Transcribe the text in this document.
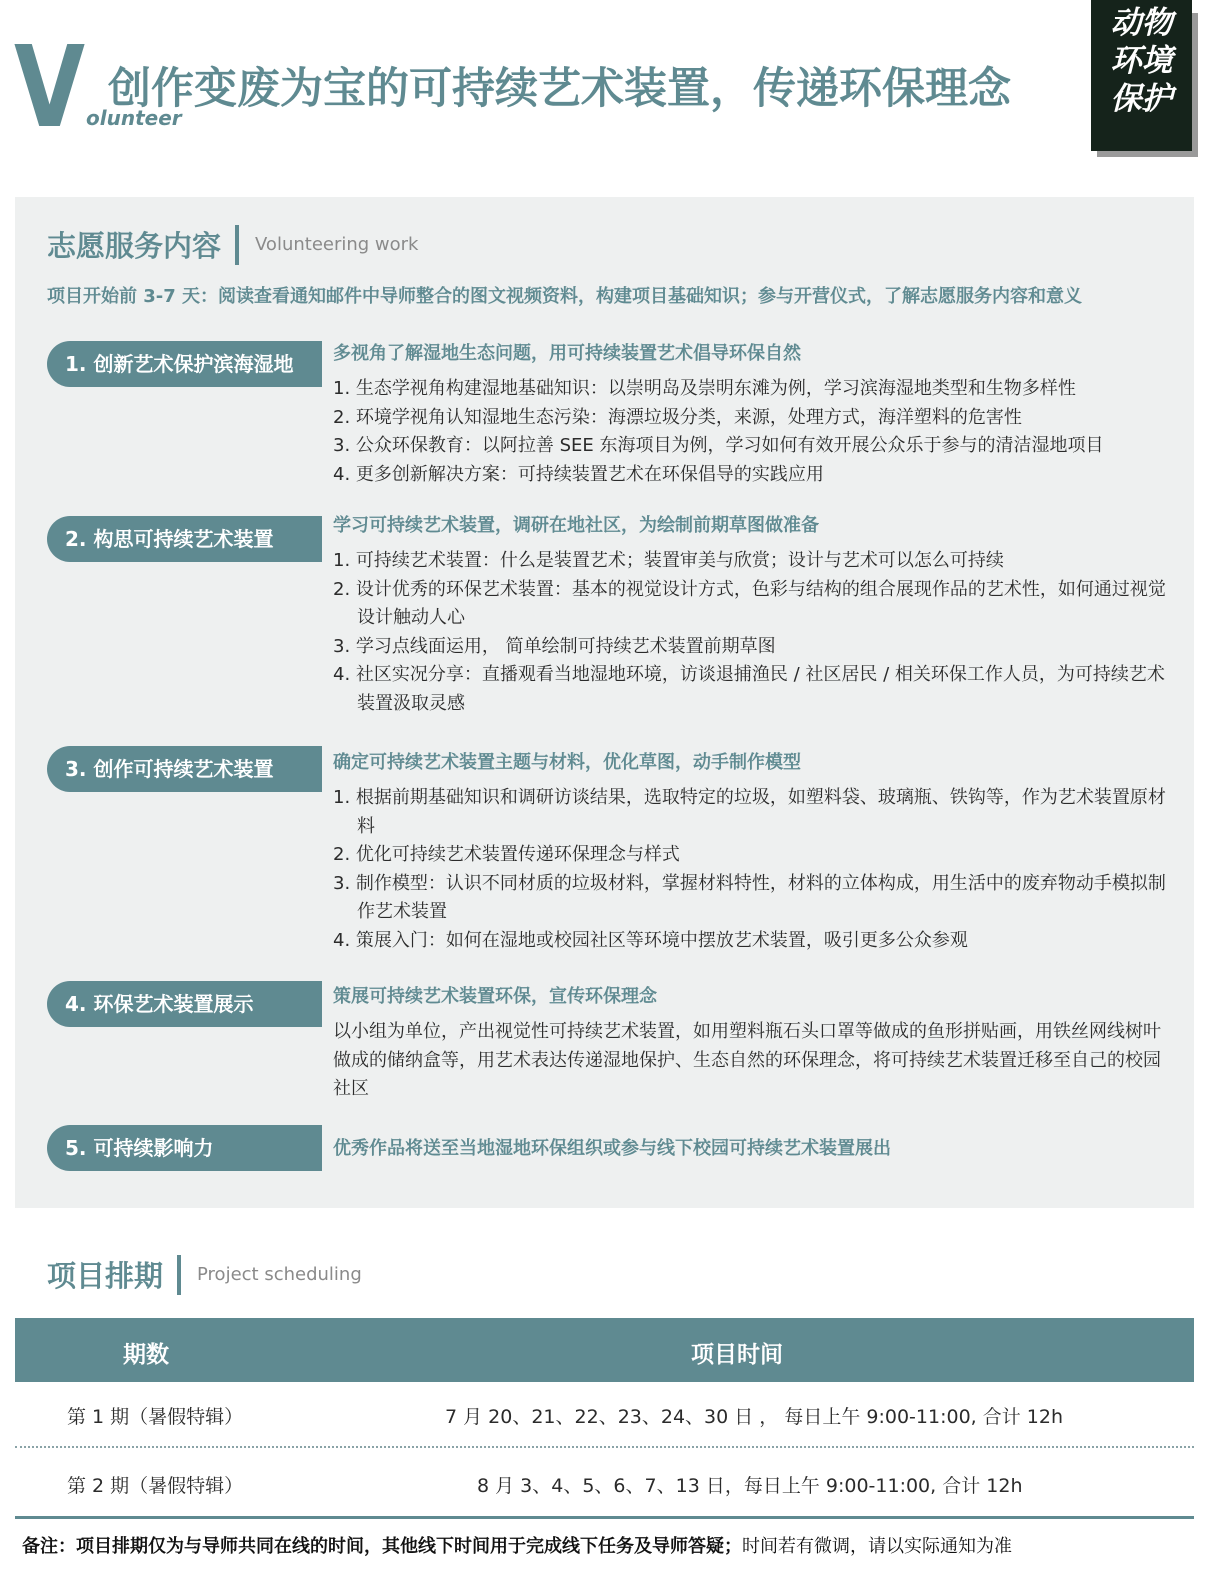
V olunteer
创作变废为宝的可持续艺术装置，传递环保理念
动物
环境
保护
志愿服务内容 Volunteering work
项目开始前 3-7 天：阅读查看通知邮件中导师整合的图文视频资料，构建项目基础知识；参与开营仪式，了解志愿服务内容和意义
1. 创新艺术保护滨海湿地	多视角了解湿地生态问题，用可持续装置艺术倡导环保自然
1. 生态学视角构建湿地基础知识：以崇明岛及崇明东滩为例，学习滨海湿地类型和生物多样性
2. 环境学视角认知湿地生态污染：海漂垃圾分类，来源，处理方式，海洋塑料的危害性
3. 公众环保教育：以阿拉善 SEE 东海项目为例，学习如何有效开展公众乐于参与的清洁湿地项目
4. 更多创新解决方案：可持续装置艺术在环保倡导的实践应用
2. 构思可持续艺术装置
学习可持续艺术装置，调研在地社区，为绘制前期草图做准备
1. 可持续艺术装置：什么是装置艺术；装置审美与欣赏；设计与艺术可以怎么可持续
2. 设计优秀的环保艺术装置：基本的视觉设计方式，色彩与结构的组合展现作品的艺术性，如何通过视觉设计触动人心
3. 学习点线面运用， 简单绘制可持续艺术装置前期草图
4. 社区实况分享：直播观看当地湿地环境，访谈退捕渔民 / 社区居民 / 相关环保工作人员，为可持续艺术装置汲取灵感
3. 创作可持续艺术装置	确定可持续艺术装置主题与材料，优化草图，动手制作模型
1. 根据前期基础知识和调研访谈结果，选取特定的垃圾，如塑料袋、玻璃瓶、铁钩等，作为艺术装置原材料
2. 优化可持续艺术装置传递环保理念与样式
3. 制作模型：认识不同材质的垃圾材料，掌握材料特性，材料的立体构成，用生活中的废弃物动手模拟制作艺术装置
4. 策展入门：如何在湿地或校园社区等环境中摆放艺术装置，吸引更多公众参观
4. 环保艺术装置展示	策展可持续艺术装置环保，宣传环保理念
以小组为单位，产出视觉性可持续艺术装置，如用塑料瓶石头口罩等做成的鱼形拼贴画，用铁丝网线树叶做成的储纳盒等，用艺术表达传递湿地保护、生态自然的环保理念，将可持续艺术装置迁移至自己的校园社区
5. 可持续影响力	优秀作品将送至当地湿地环保组织或参与线下校园可持续艺术装置展出
项目排期 Project scheduling
期数	项目时间
第 1 期（暑假特辑）	7 月 20、21、22、23、24、30 日 ， 每日上午 9:00-11:00, 合计 12h
第 2 期（暑假特辑）	8 月 3、4、5、6、7、13 日，每日上午 9:00-11:00, 合计 12h
备注：项目排期仅为与导师共同在线的时间，其他线下时间用于完成线下任务及导师答疑；时间若有微调，请以实际通知为准
